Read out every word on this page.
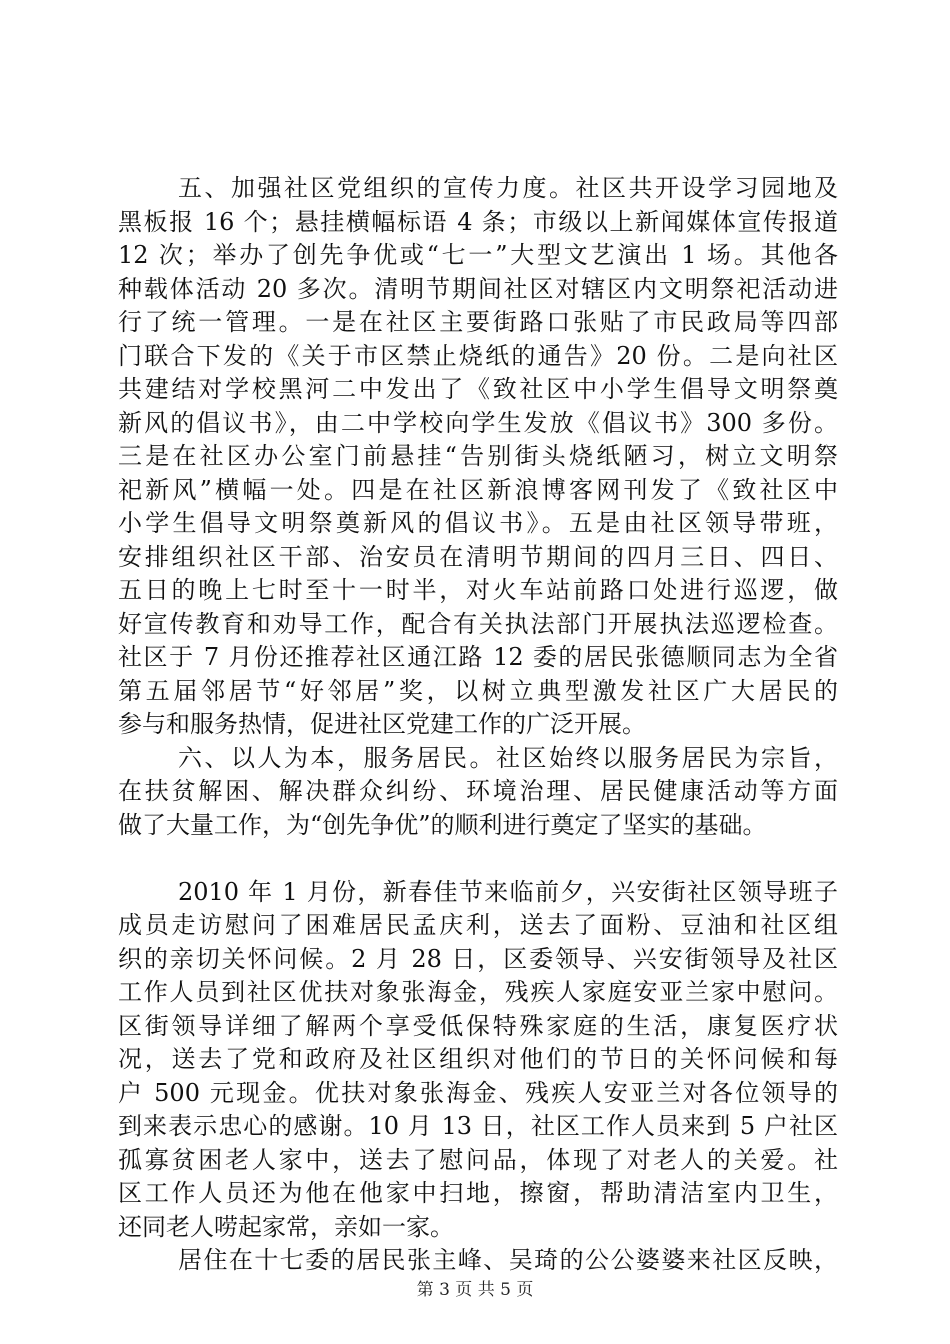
五、加强社区党组织的宣传力度。社区共开设学习园地及
黑板报 16 个；悬挂横幅标语 4 条；市级以上新闻媒体宣传报道
12 次；举办了创先争优或“七一”大型文艺演出 1 场。其他各
种载体活动 20 多次。清明节期间社区对辖区内文明祭祀活动进
行了统一管理。一是在社区主要街路口张贴了市民政局等四部
门联合下发的《关于市区禁止烧纸的通告》20 份。二是向社区
共建结对学校黑河二中发出了《致社区中小学生倡导文明祭奠
新风的倡议书》，由二中学校向学生发放《倡议书》300 多份。
三是在社区办公室门前悬挂“告别街头烧纸陋习，树立文明祭
祀新风”横幅一处。四是在社区新浪博客网刊发了《致社区中
小学生倡导文明祭奠新风的倡议书》。五是由社区领导带班，
安排组织社区干部、治安员在清明节期间的四月三日、四日、
五日的晚上七时至十一时半，对火车站前路口处进行巡逻，做
好宣传教育和劝导工作，配合有关执法部门开展执法巡逻检查。
社区于 7 月份还推荐社区通江路 12 委的居民张德顺同志为全省
第五届邻居节“好邻居”奖，以树立典型激发社区广大居民的
参与和服务热情，促进社区党建工作的广泛开展。
六、以人为本，服务居民。社区始终以服务居民为宗旨，
在扶贫解困、解决群众纠纷、环境治理、居民健康活动等方面
做了大量工作，为“创先争优”的顺利进行奠定了坚实的基础。
2010 年 1 月份，新春佳节来临前夕，兴安街社区领导班子
成员走访慰问了困难居民孟庆利，送去了面粉、豆油和社区组
织的亲切关怀问候。2 月 28 日，区委领导、兴安街领导及社区
工作人员到社区优扶对象张海金，残疾人家庭安亚兰家中慰问。
区街领导详细了解两个享受低保特殊家庭的生活，康复医疗状
况，送去了党和政府及社区组织对他们的节日的关怀问候和每
户 500 元现金。优扶对象张海金、残疾人安亚兰对各位领导的
到来表示忠心的感谢。10 月 13 日，社区工作人员来到 5 户社区
孤寡贫困老人家中，送去了慰问品，体现了对老人的关爱。社
区工作人员还为他在他家中扫地，擦窗，帮助清洁室内卫生，
还同老人唠起家常，亲如一家。
居住在十七委的居民张主峰、吴琦的公公婆婆来社区反映，
第 3 页 共 5 页
